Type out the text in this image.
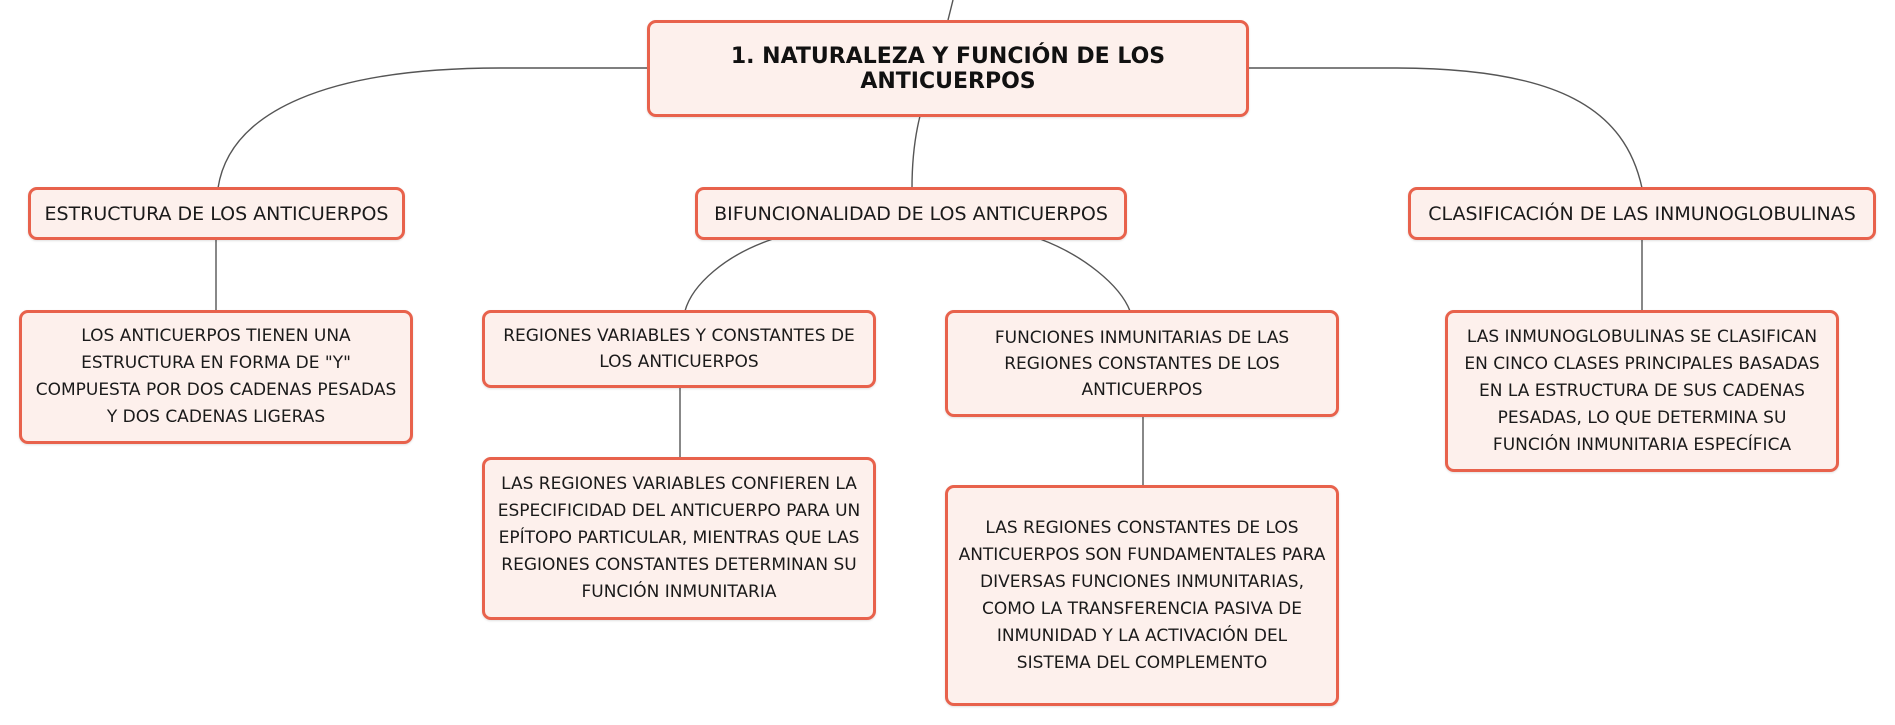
1. NATURALEZA Y FUNCIÓN DE LOS ANTICUERPOS
ESTRUCTURA DE LOS ANTICUERPOS	BIFUNCIONALIDAD DE LOS ANTICUERPOS	CLASIFICACIÓN DE LAS INMUNOGLOBULINAS
LOS ANTICUERPOS TIENEN UNA ESTRUCTURA EN FORMA DE "Y" COMPUESTA POR DOS CADENAS PESADAS Y DOS CADENAS LIGERAS
REGIONES VARIABLES Y CONSTANTES DE LOS ANTICUERPOS
FUNCIONES INMUNITARIAS DE LAS REGIONES CONSTANTES DE LOS ANTICUERPOS
LAS REGIONES VARIABLES CONFIEREN LA ESPECIFICIDAD DEL ANTICUERPO PARA UN EPÍTOPO PARTICULAR, MIENTRAS QUE LAS REGIONES CONSTANTES DETERMINAN SU FUNCIÓN INMUNITARIA
LAS REGIONES CONSTANTES DE LOS ANTICUERPOS SON FUNDAMENTALES PARA DIVERSAS FUNCIONES INMUNITARIAS, COMO LA TRANSFERENCIA PASIVA DE INMUNIDAD Y LA ACTIVACIÓN DEL SISTEMA DEL COMPLEMENTO
LAS INMUNOGLOBULINAS SE CLASIFICAN EN CINCO CLASES PRINCIPALES BASADAS EN LA ESTRUCTURA DE SUS CADENAS PESADAS, LO QUE DETERMINA SU FUNCIÓN INMUNITARIA ESPECÍFICA
